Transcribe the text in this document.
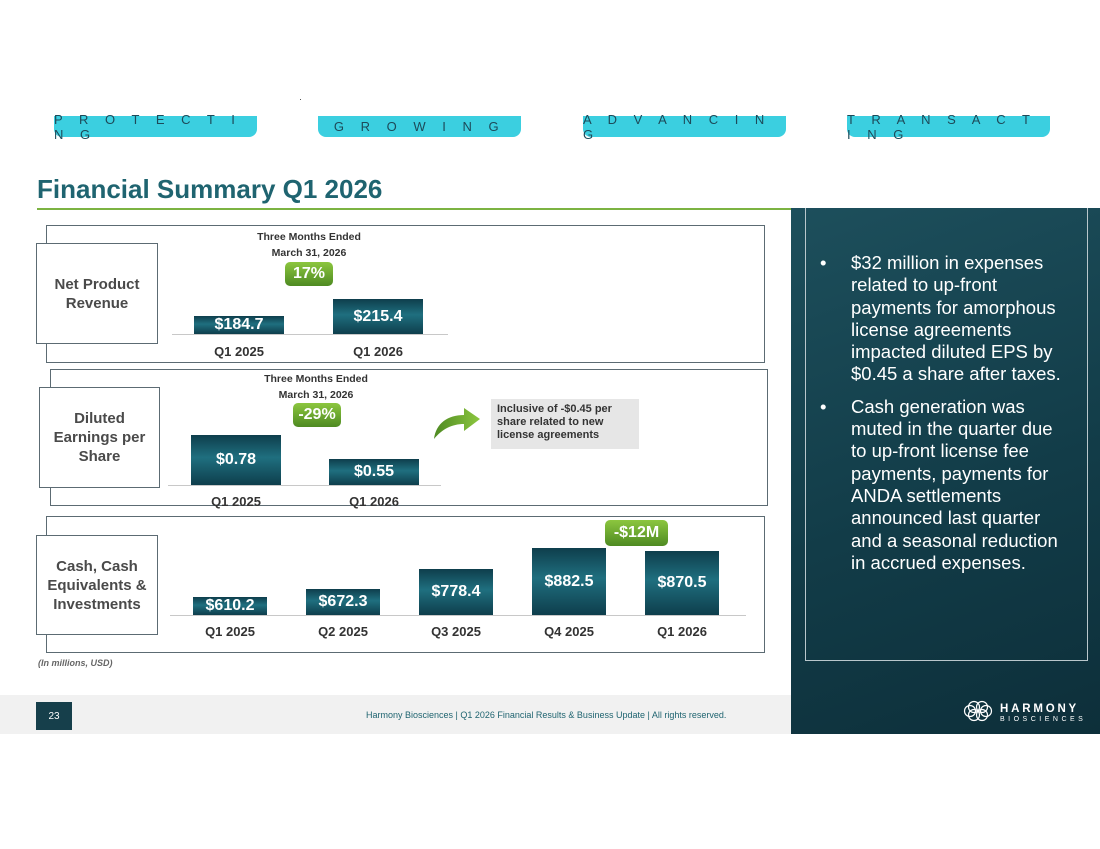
P R O T E C T I N G	G R O W I N G	A D V A N C I N G
T R A N S A C T I N G
Financial Summary Q1 2026
Net Product Revenue
Three Months Ended
March 31, 2026
17%
$184.7
Q1 2025
$215.4
Q1 2026
Diluted Earnings per Share
Three Months Ended
March 31, 2026
-29%
$0.78
Q1 2025
$0.55
Q1 2026
Inclusive of -$0.45 per share related to new license agreements
Cash, Cash Equivalents & Investments
-$12M
$610.2
Q1 2025
$672.3
Q2 2025
$778.4
Q3 2025
$882.5
Q4 2025
$870.5
Q1 2026
(In millions, USD)
•	$32 million in expenses related to up-front payments for amorphous license agreements impacted diluted EPS by $0.45 a share after taxes.
•	Cash generation was muted in the quarter due to up-front license fee payments, payments for ANDA settlements announced last quarter and a seasonal reduction in accrued expenses.
23	Harmony Biosciences | Q1 2026 Financial Results & Business Update | All rights reserved.	HARMONY
BIOSCIENCES
